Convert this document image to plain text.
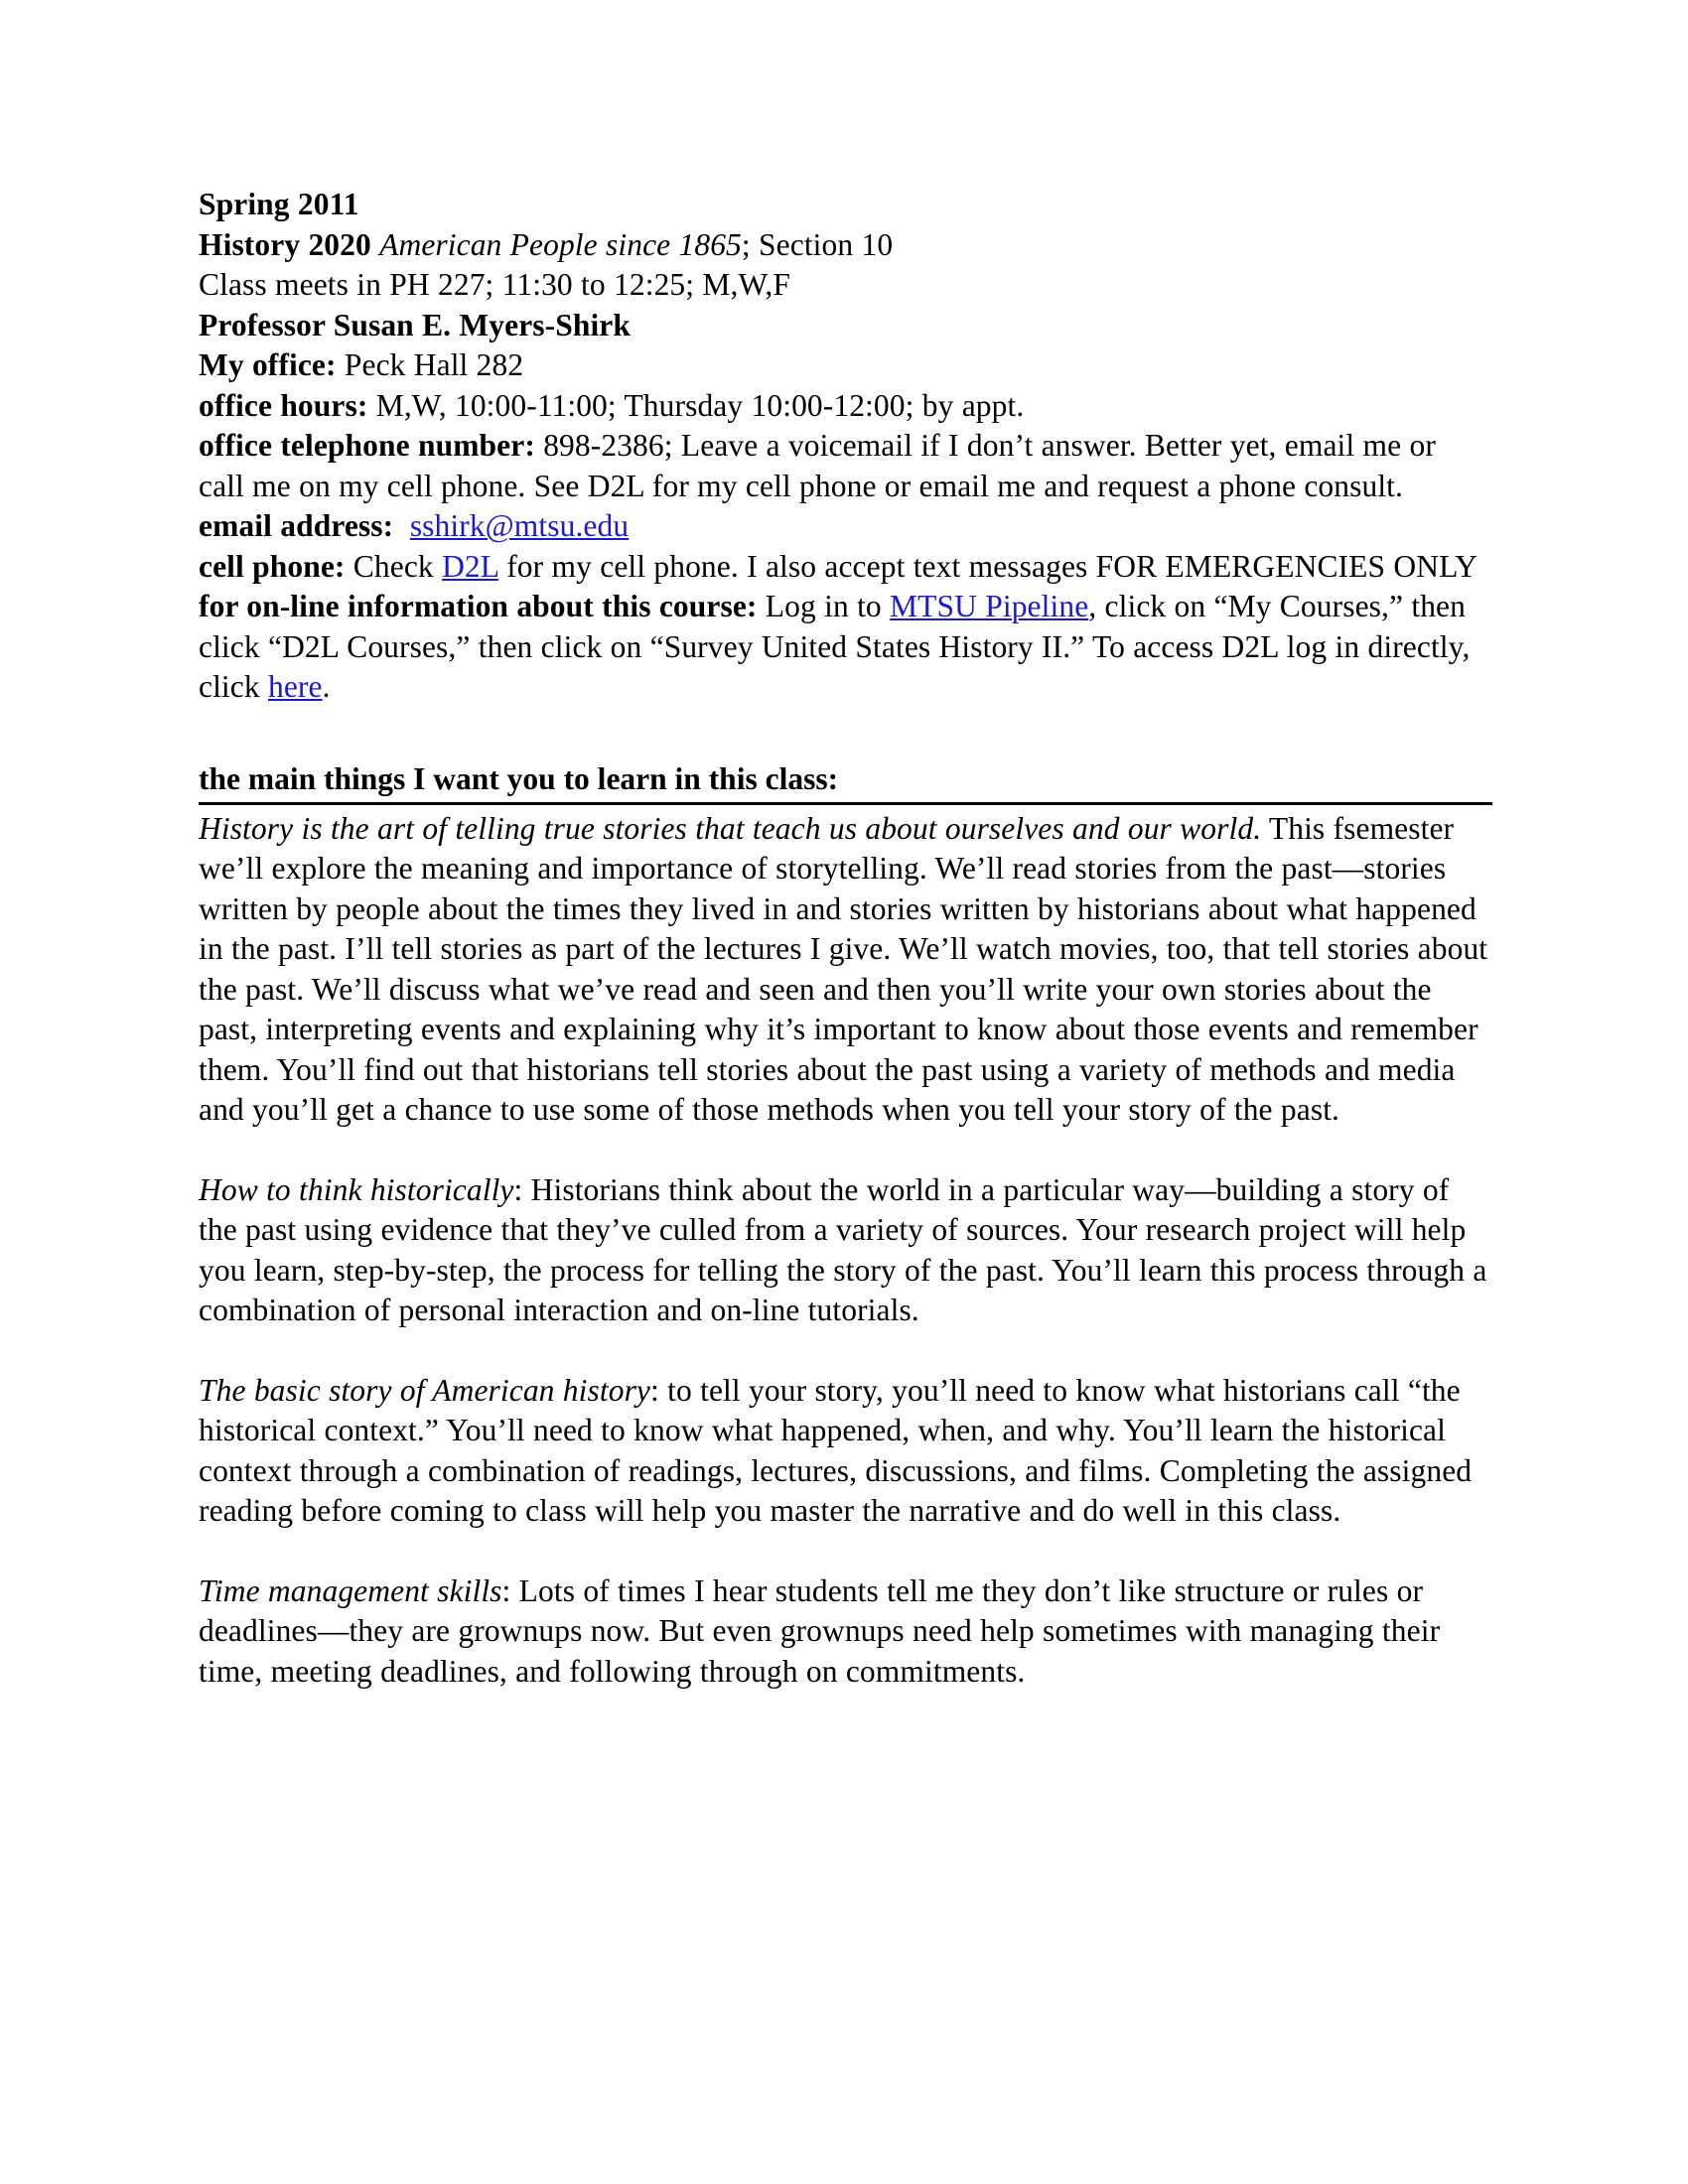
Spring 2011
History 2020 American People since 1865; Section 10
Class meets in PH 227; 11:30 to 12:25; M,W,F
Professor Susan E. Myers-Shirk
My office: Peck Hall 282
office hours: M,W, 10:00-11:00; Thursday 10:00-12:00; by appt.
office telephone number: 898-2386; Leave a voicemail if I don’t answer. Better yet, email me or call me on my cell phone. See D2L for my cell phone or email me and request a phone consult.
email address: sshirk@mtsu.edu
cell phone: Check D2L for my cell phone. I also accept text messages FOR EMERGENCIES ONLY
for on-line information about this course: Log in to MTSU Pipeline, click on “My Courses,” then click “D2L Courses,” then click on “Survey United States History II.” To access D2L log in directly, click here.
the main things I want you to learn in this class:

History is the art of telling true stories that teach us about ourselves and our world. This fsemester we’ll explore the meaning and importance of storytelling. We’ll read stories from the past—stories written by people about the times they lived in and stories written by historians about what happened in the past. I’ll tell stories as part of the lectures I give. We’ll watch movies, too, that tell stories about the past. We’ll discuss what we’ve read and seen and then you’ll write your own stories about the past, interpreting events and explaining why it’s important to know about those events and remember them. You’ll find out that historians tell stories about the past using a variety of methods and media and you’ll get a chance to use some of those methods when you tell your story of the past.

How to think historically: Historians think about the world in a particular way—building a story of the past using evidence that they’ve culled from a variety of sources. Your research project will help you learn, step-by-step, the process for telling the story of the past. You’ll learn this process through a combination of personal interaction and on-line tutorials.

The basic story of American history: to tell your story, you’ll need to know what historians call “the historical context.” You’ll need to know what happened, when, and why. You’ll learn the historical context through a combination of readings, lectures, discussions, and films. Completing the assigned reading before coming to class will help you master the narrative and do well in this class.

Time management skills: Lots of times I hear students tell me they don’t like structure or rules or deadlines—they are grownups now. But even grownups need help sometimes with managing their time, meeting deadlines, and following through on commitments.
